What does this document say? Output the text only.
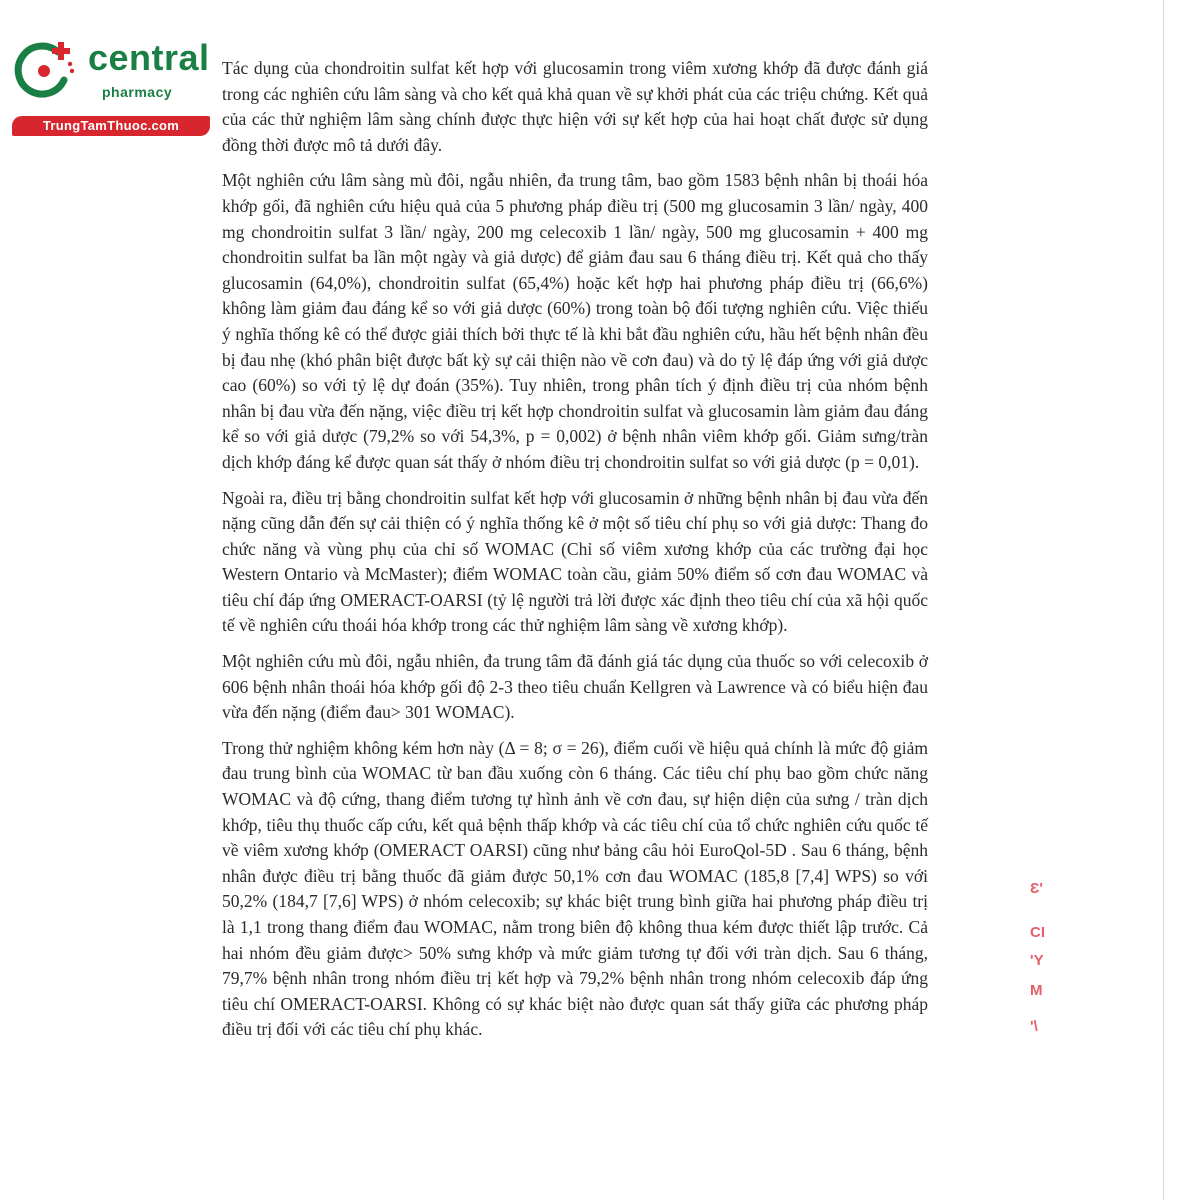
central
pharmacy
TrungTamThuoc.com

Tác dụng của chondroitin sulfat kết hợp với glucosamin trong viêm xương khớp đã được đánh giá trong các nghiên cứu lâm sàng và cho kết quả khả quan về sự khởi phát của các triệu chứng. Kết quả của các thử nghiệm lâm sàng chính được thực hiện với sự kết hợp của hai hoạt chất được sử dụng đồng thời được mô tả dưới đây.

Một nghiên cứu lâm sàng mù đôi, ngẫu nhiên, đa trung tâm, bao gồm 1583 bệnh nhân bị thoái hóa khớp gối, đã nghiên cứu hiệu quả của 5 phương pháp điều trị (500 mg glucosamin 3 lần/ ngày, 400 mg chondroitin sulfat 3 lần/ ngày, 200 mg celecoxib 1 lần/ ngày, 500 mg glucosamin + 400 mg chondroitin sulfat ba lần một ngày và giả dược) để giảm đau sau 6 tháng điều trị. Kết quả cho thấy glucosamin (64,0%), chondroitin sulfat (65,4%) hoặc kết hợp hai phương pháp điều trị (66,6%) không làm giảm đau đáng kể so với giả dược (60%) trong toàn bộ đối tượng nghiên cứu. Việc thiếu ý nghĩa thống kê có thể được giải thích bởi thực tế là khi bắt đầu nghiên cứu, hầu hết bệnh nhân đều bị đau nhẹ (khó phân biệt được bất kỳ sự cải thiện nào về cơn đau) và do tỷ lệ đáp ứng với giả dược cao (60%) so với tỷ lệ dự đoán (35%). Tuy nhiên, trong phân tích ý định điều trị của nhóm bệnh nhân bị đau vừa đến nặng, việc điều trị kết hợp chondroitin sulfat và glucosamin làm giảm đau đáng kể so với giả dược (79,2% so với 54,3%, p = 0,002) ở bệnh nhân viêm khớp gối. Giảm sưng/tràn dịch khớp đáng kể được quan sát thấy ở nhóm điều trị chondroitin sulfat so với giả dược (p = 0,01).

Ngoài ra, điều trị bằng chondroitin sulfat kết hợp với glucosamin ở những bệnh nhân bị đau vừa đến nặng cũng dẫn đến sự cải thiện có ý nghĩa thống kê ở một số tiêu chí phụ so với giả dược: Thang đo chức năng và vùng phụ của chỉ số WOMAC (Chỉ số viêm xương khớp của các trường đại học Western Ontario và McMaster); điểm WOMAC toàn cầu, giảm 50% điểm số cơn đau WOMAC và tiêu chí đáp ứng OMERACT-OARSI (tỷ lệ người trả lời được xác định theo tiêu chí của xã hội quốc tế về nghiên cứu thoái hóa khớp trong các thử nghiệm lâm sàng về xương khớp).

Một nghiên cứu mù đôi, ngẫu nhiên, đa trung tâm đã đánh giá tác dụng của thuốc so với celecoxib ở 606 bệnh nhân thoái hóa khớp gối độ 2-3 theo tiêu chuẩn Kellgren và Lawrence và có biểu hiện đau vừa đến nặng (điểm đau> 301 WOMAC).

Trong thử nghiệm không kém hơn này (Δ = 8; σ = 26), điểm cuối về hiệu quả chính là mức độ giảm đau trung bình của WOMAC từ ban đầu xuống còn 6 tháng. Các tiêu chí phụ bao gồm chức năng WOMAC và độ cứng, thang điểm tương tự hình ảnh về cơn đau, sự hiện diện của sưng / tràn dịch khớp, tiêu thụ thuốc cấp cứu, kết quả bệnh thấp khớp và các tiêu chí của tổ chức nghiên cứu quốc tế về viêm xương khớp (OMERACT OARSI) cũng như bảng câu hỏi EuroQol-5D . Sau 6 tháng, bệnh nhân được điều trị bằng thuốc đã giảm được 50,1% cơn đau WOMAC (185,8 [7,4] WPS) so với 50,2% (184,7 [7,6] WPS) ở nhóm celecoxib; sự khác biệt trung bình giữa hai phương pháp điều trị là 1,1 trong thang điểm đau WOMAC, nằm trong biên độ không thua kém được thiết lập trước. Cả hai nhóm đều giảm được> 50% sưng khớp và mức giảm tương tự đối với tràn dịch. Sau 6 tháng, 79,7% bệnh nhân trong nhóm điều trị kết hợp và 79,2% bệnh nhân trong nhóm celecoxib đáp ứng tiêu chí OMERACT-OARSI. Không có sự khác biệt nào được quan sát thấy giữa các phương pháp điều trị đối với các tiêu chí phụ khác.

Ɛ'
CI
'Y
M
'\
